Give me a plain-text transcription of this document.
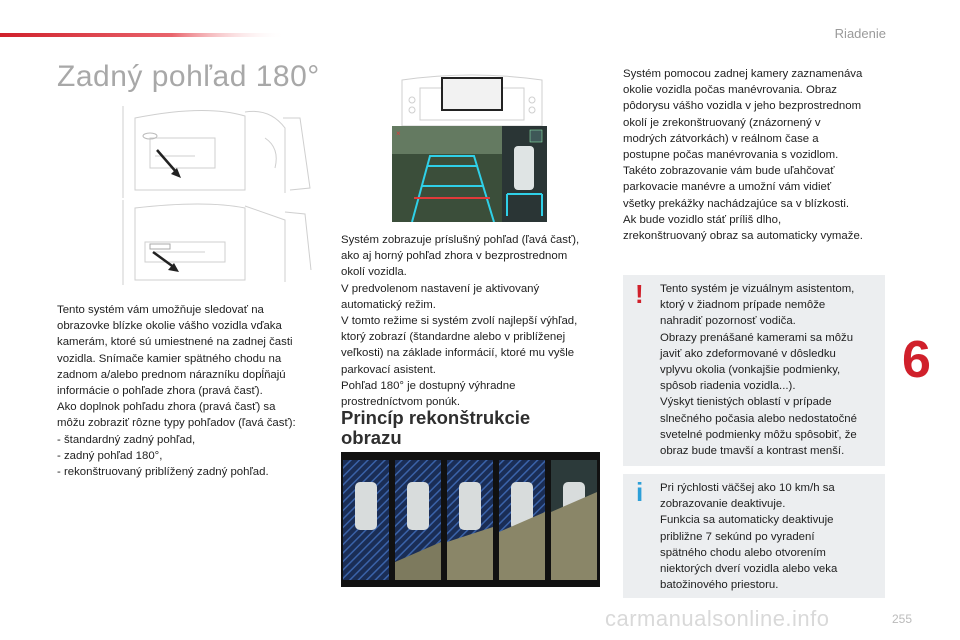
Riadenie
Zadný pohľad 180°
×
Tento systém vám umožňuje sledovať na
obrazovke blízke okolie vášho vozidla vďaka
kamerám, ktoré sú umiestnené na zadnej časti
vozidla. Snímače kamier spätného chodu na
zadnom a/alebo prednom nárazníku dopĺňajú
informácie o pohľade zhora (pravá časť).
Ako doplnok pohľadu zhora (pravá časť) sa
môžu zobraziť rôzne typy pohľadov (ľavá časť):
- štandardný zadný pohľad,
- zadný pohľad 180°,
- rekonštruovaný priblížený zadný pohľad.
Systém zobrazuje príslušný pohľad (ľavá časť),
ako aj horný pohľad zhora v bezprostrednom
okolí vozidla.
V predvolenom nastavení je aktivovaný
automatický režim.
V tomto režime si systém zvolí najlepší výhľad,
ktorý zobrazí (štandardne alebo v priblíženej
veľkosti) na základe informácií, ktoré mu vyšle
parkovací asistent.
Pohľad 180° je dostupný výhradne
prostredníctvom ponúk.
Princíp rekonštrukcie
obrazu
Systém pomocou zadnej kamery zaznamenáva
okolie vozidla počas manévrovania. Obraz
pôdorysu vášho vozidla v jeho bezprostrednom
okolí je zrekonštruovaný (znázornený v
modrých zátvorkách) v reálnom čase a
postupne počas manévrovania s vozidlom.
Takéto zobrazovanie vám bude uľahčovať
parkovacie manévre a umožní vám vidieť
všetky prekážky nachádzajúce sa v blízkosti.
Ak bude vozidlo stáť príliš dlho,
zrekonštruovaný obraz sa automaticky vymaže.
! Tento systém je vizuálnym asistentom,
ktorý v žiadnom prípade nemôže
nahradiť pozornosť vodiča.
Obrazy prenášané kamerami sa môžu
javiť ako zdeformované v dôsledku
vplyvu okolia (vonkajšie podmienky,
spôsob riadenia vozidla...).
Výskyt tienistých oblastí v prípade
slnečného počasia alebo nedostatočné
svetelné podmienky môžu spôsobiť, že
obraz bude tmavší a kontrast menší.
i Pri rýchlosti väčšej ako 10 km/h sa
zobrazovanie deaktivuje.
Funkcia sa automaticky deaktivuje
približne 7 sekúnd po vyradení
spätného chodu alebo otvorením
niektorých dverí vozidla alebo veka
batožinového priestoru.
6
carmanualsonline.info	255
